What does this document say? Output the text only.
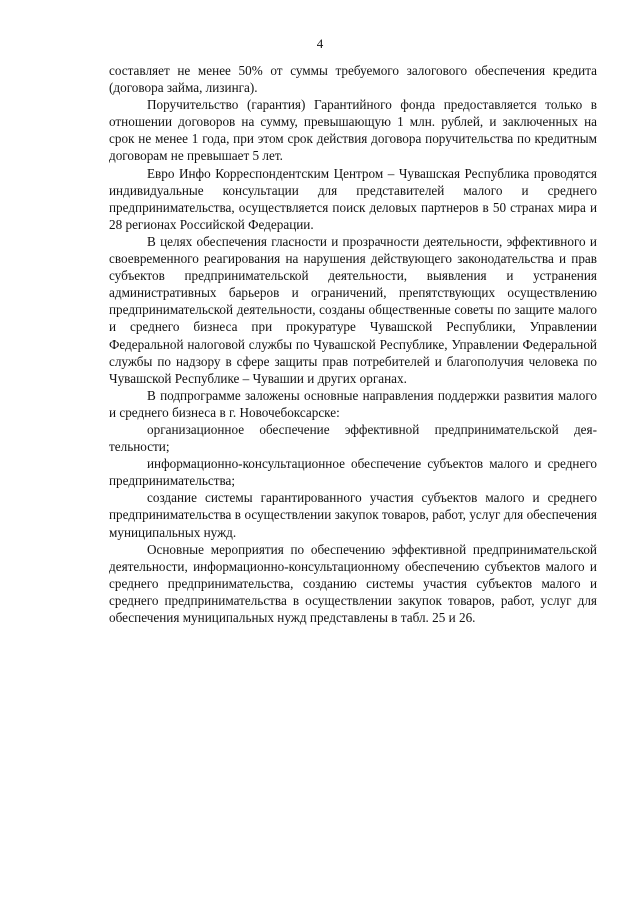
4

составляет не менее 50% от суммы требуемого залогового обеспечения кредита (договора займа, лизинга).

Поручительство (гарантия) Гарантийного фонда предоставляется только в отношении договоров на сумму, превышающую 1 млн. рублей, и заключенных на срок не менее 1 года, при этом срок действия договора поручительства по кредитным договорам не превышает 5 лет.

Евро Инфо Корреспондентским Центром – Чувашская Республика проводятся индивидуальные консультации для представителей малого и среднего предпринимательства, осуществляется поиск деловых партнеров в 50 странах мира и 28 регионах Российской Федерации.

В целях обеспечения гласности и прозрачности деятельности, эффективного и своевременного реагирования на нарушения действующего законодательства и прав субъектов предпринимательской деятельности, выявления и устранения административных барьеров и ограничений, препятствующих осуществлению предпринимательской деятельности, созданы общественные советы по защите малого и среднего бизнеса при прокуратуре Чувашской Республики, Управлении Федеральной налоговой службы по Чувашской Республике, Управлении Федеральной службы по надзору в сфере защиты прав потребителей и благополучия человека по Чувашской Республике – Чувашии и других органах.

В подпрограмме заложены основные направления поддержки развития малого и среднего бизнеса в г. Новочебоксарске:

организационное обеспечение эффективной предпринимательской деятельности;

информационно-консультационное обеспечение субъектов малого и среднего предпринимательства;

создание системы гарантированного участия субъектов малого и среднего предпринимательства в осуществлении закупок товаров, работ, услуг для обеспечения муниципальных нужд.

Основные мероприятия по обеспечению эффективной предпринимательской деятельности, информационно-консультационному обеспечению субъектов малого и среднего предпринимательства, созданию системы участия субъектов малого и среднего предпринимательства в осуществлении закупок товаров, работ, услуг для обеспечения муниципальных нужд представлены в табл. 25 и 26.
